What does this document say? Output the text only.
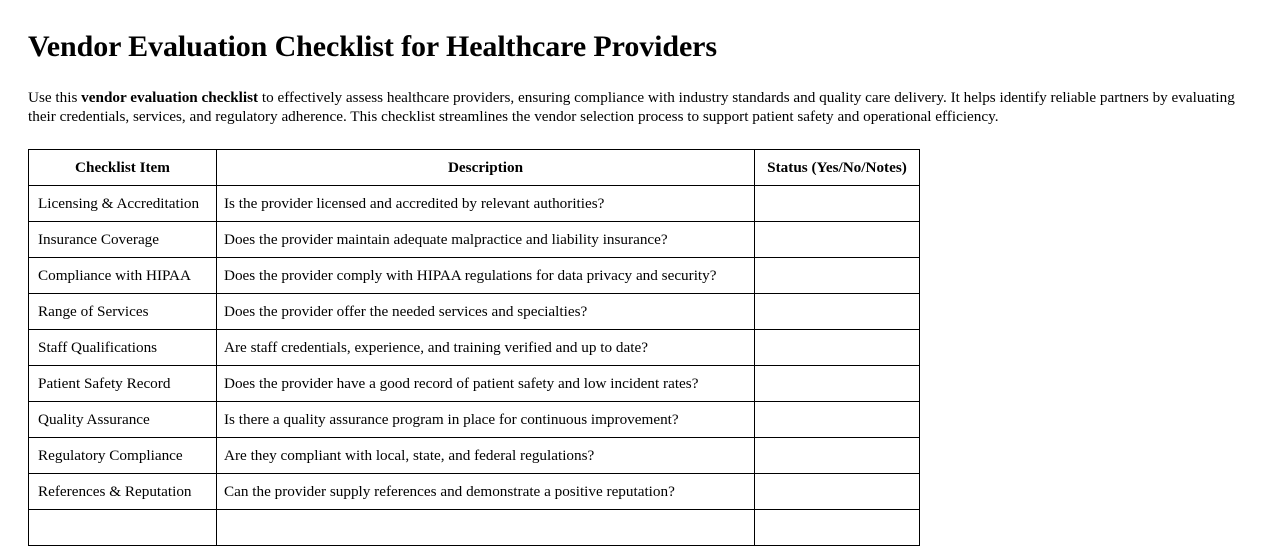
Vendor Evaluation Checklist for Healthcare Providers

Use this vendor evaluation checklist to effectively assess healthcare providers, ensuring compliance with industry standards and quality care delivery. It helps identify reliable partners by evaluating their credentials, services, and regulatory adherence. This checklist streamlines the vendor selection process to support patient safety and operational efficiency.

Checklist Item	Description	Status (Yes/No/Notes)
Licensing & Accreditation	Is the provider licensed and accredited by relevant authorities?	
Insurance Coverage	Does the provider maintain adequate malpractice and liability insurance?	
Compliance with HIPAA	Does the provider comply with HIPAA regulations for data privacy and security?	
Range of Services	Does the provider offer the needed services and specialties?	
Staff Qualifications	Are staff credentials, experience, and training verified and up to date?	
Patient Safety Record	Does the provider have a good record of patient safety and low incident rates?	
Quality Assurance	Is there a quality assurance program in place for continuous improvement?	
Regulatory Compliance	Are they compliant with local, state, and federal regulations?	
References & Reputation	Can the provider supply references and demonstrate a positive reputation?	
